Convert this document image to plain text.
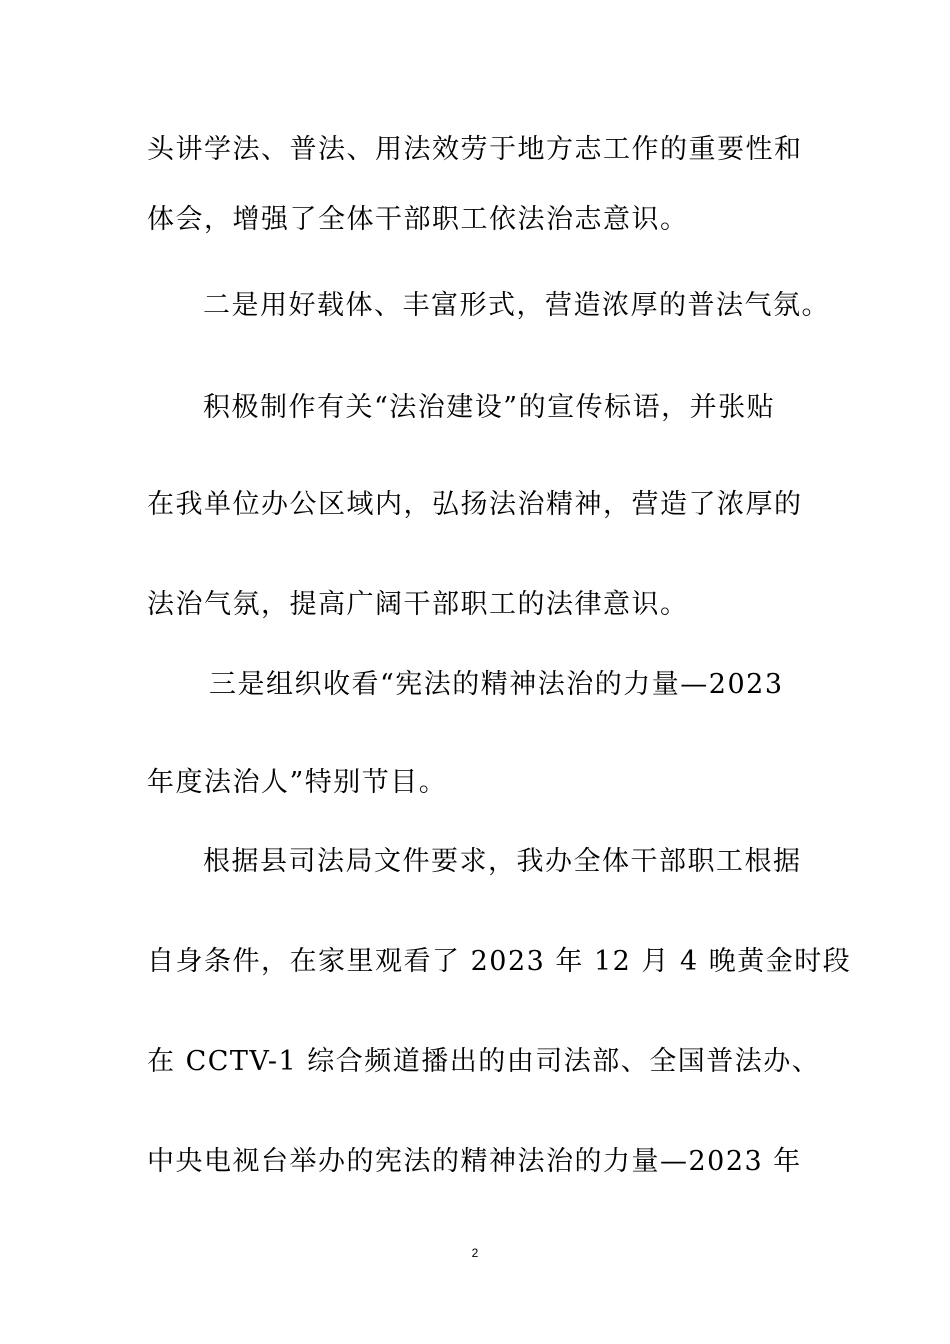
头讲学法、普法、用法效劳于地方志工作的重要性和
体会，增强了全体干部职工依法治志意识。
二是用好载体、丰富形式，营造浓厚的普法气氛。
积极制作有关“法治建设”的宣传标语，并张贴
在我单位办公区域内，弘扬法治精神，营造了浓厚的
法治气氛，提高广阔干部职工的法律意识。
三是组织收看“宪法的精神法治的力量—2023
年度法治人”特别节目。
根据县司法局文件要求，我办全体干部职工根据
自身条件，在家里观看了 2023 年 12 月 4 晚黄金时段
在 CCTV-1 综合频道播出的由司法部、全国普法办、
中央电视台举办的宪法的精神法治的力量—2023 年
2
